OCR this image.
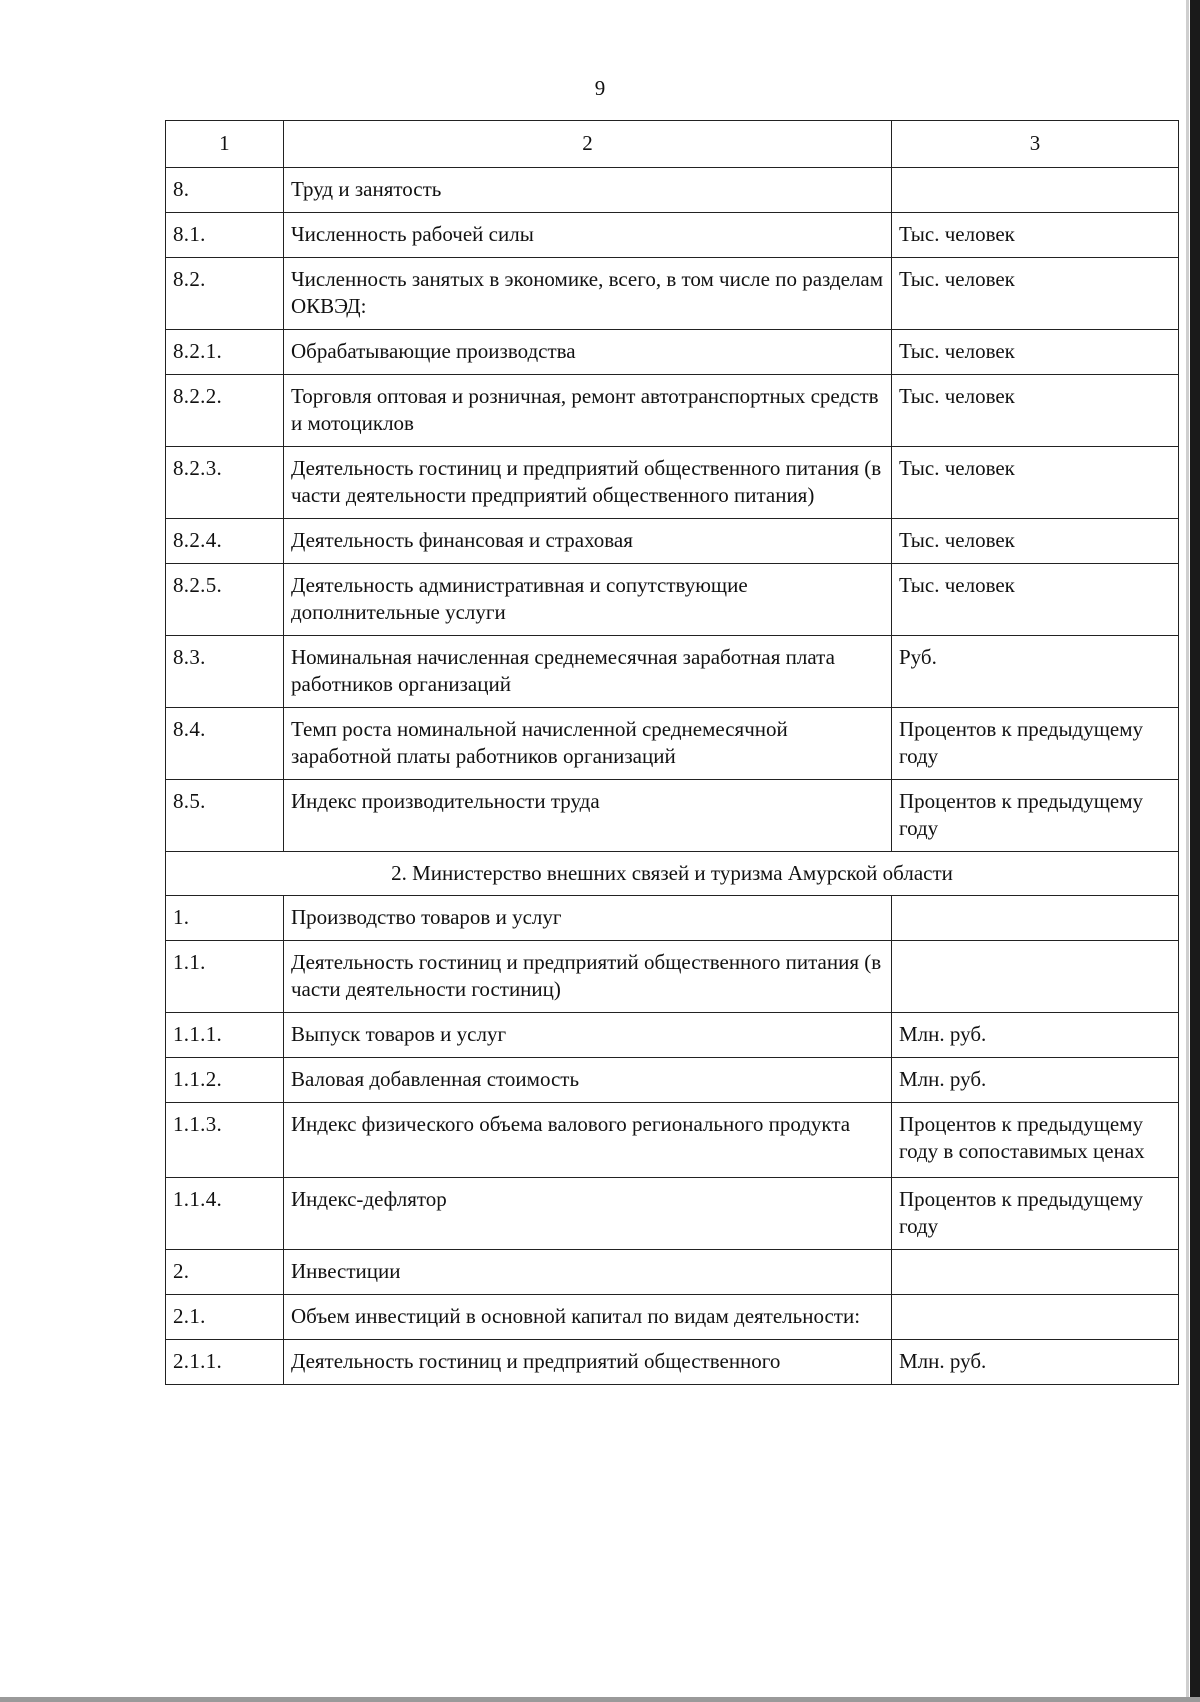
9
1	2	3
8.	Труд и занятость	
8.1.	Численность рабочей силы	Тыс. человек
8.2.	Численность занятых в экономике, всего, в том числе по разделам ОКВЭД:	Тыс. человек
8.2.1.	Обрабатывающие производства	Тыс. человек
8.2.2.	Торговля оптовая и розничная, ремонт автотранспортных средств и мотоциклов	Тыс. человек
8.2.3.	Деятельность гостиниц и предприятий общественного питания (в части деятельности предприятий общественного питания)	Тыс. человек
8.2.4.	Деятельность финансовая и страховая	Тыс. человек
8.2.5.	Деятельность административная и сопутствующие дополнительные услуги	Тыс. человек
8.3.	Номинальная начисленная среднемесячная заработная плата работников организаций	Руб.
8.4.	Темп роста номинальной начисленной среднемесячной заработной платы работников организаций	Процентов к предыдущему году
8.5.	Индекс производительности труда	Процентов к предыдущему году
2. Министерство внешних связей и туризма Амурской области		
1.	Производство товаров и услуг	
1.1.	Деятельность гостиниц и предприятий общественного питания (в части деятельности гостиниц)	
1.1.1.	Выпуск товаров и услуг	Млн. руб.
1.1.2.	Валовая добавленная стоимость	Млн. руб.
1.1.3.	Индекс физического объема валового регионального продукта	Процентов к предыдущему году в сопоставимых ценах
1.1.4.	Индекс-дефлятор	Процентов к предыдущему году
2.	Инвестиции	
2.1.	Объем инвестиций в основной капитал по видам деятельности:	
2.1.1.	Деятельность гостиниц и предприятий общественного	Млн. руб.
